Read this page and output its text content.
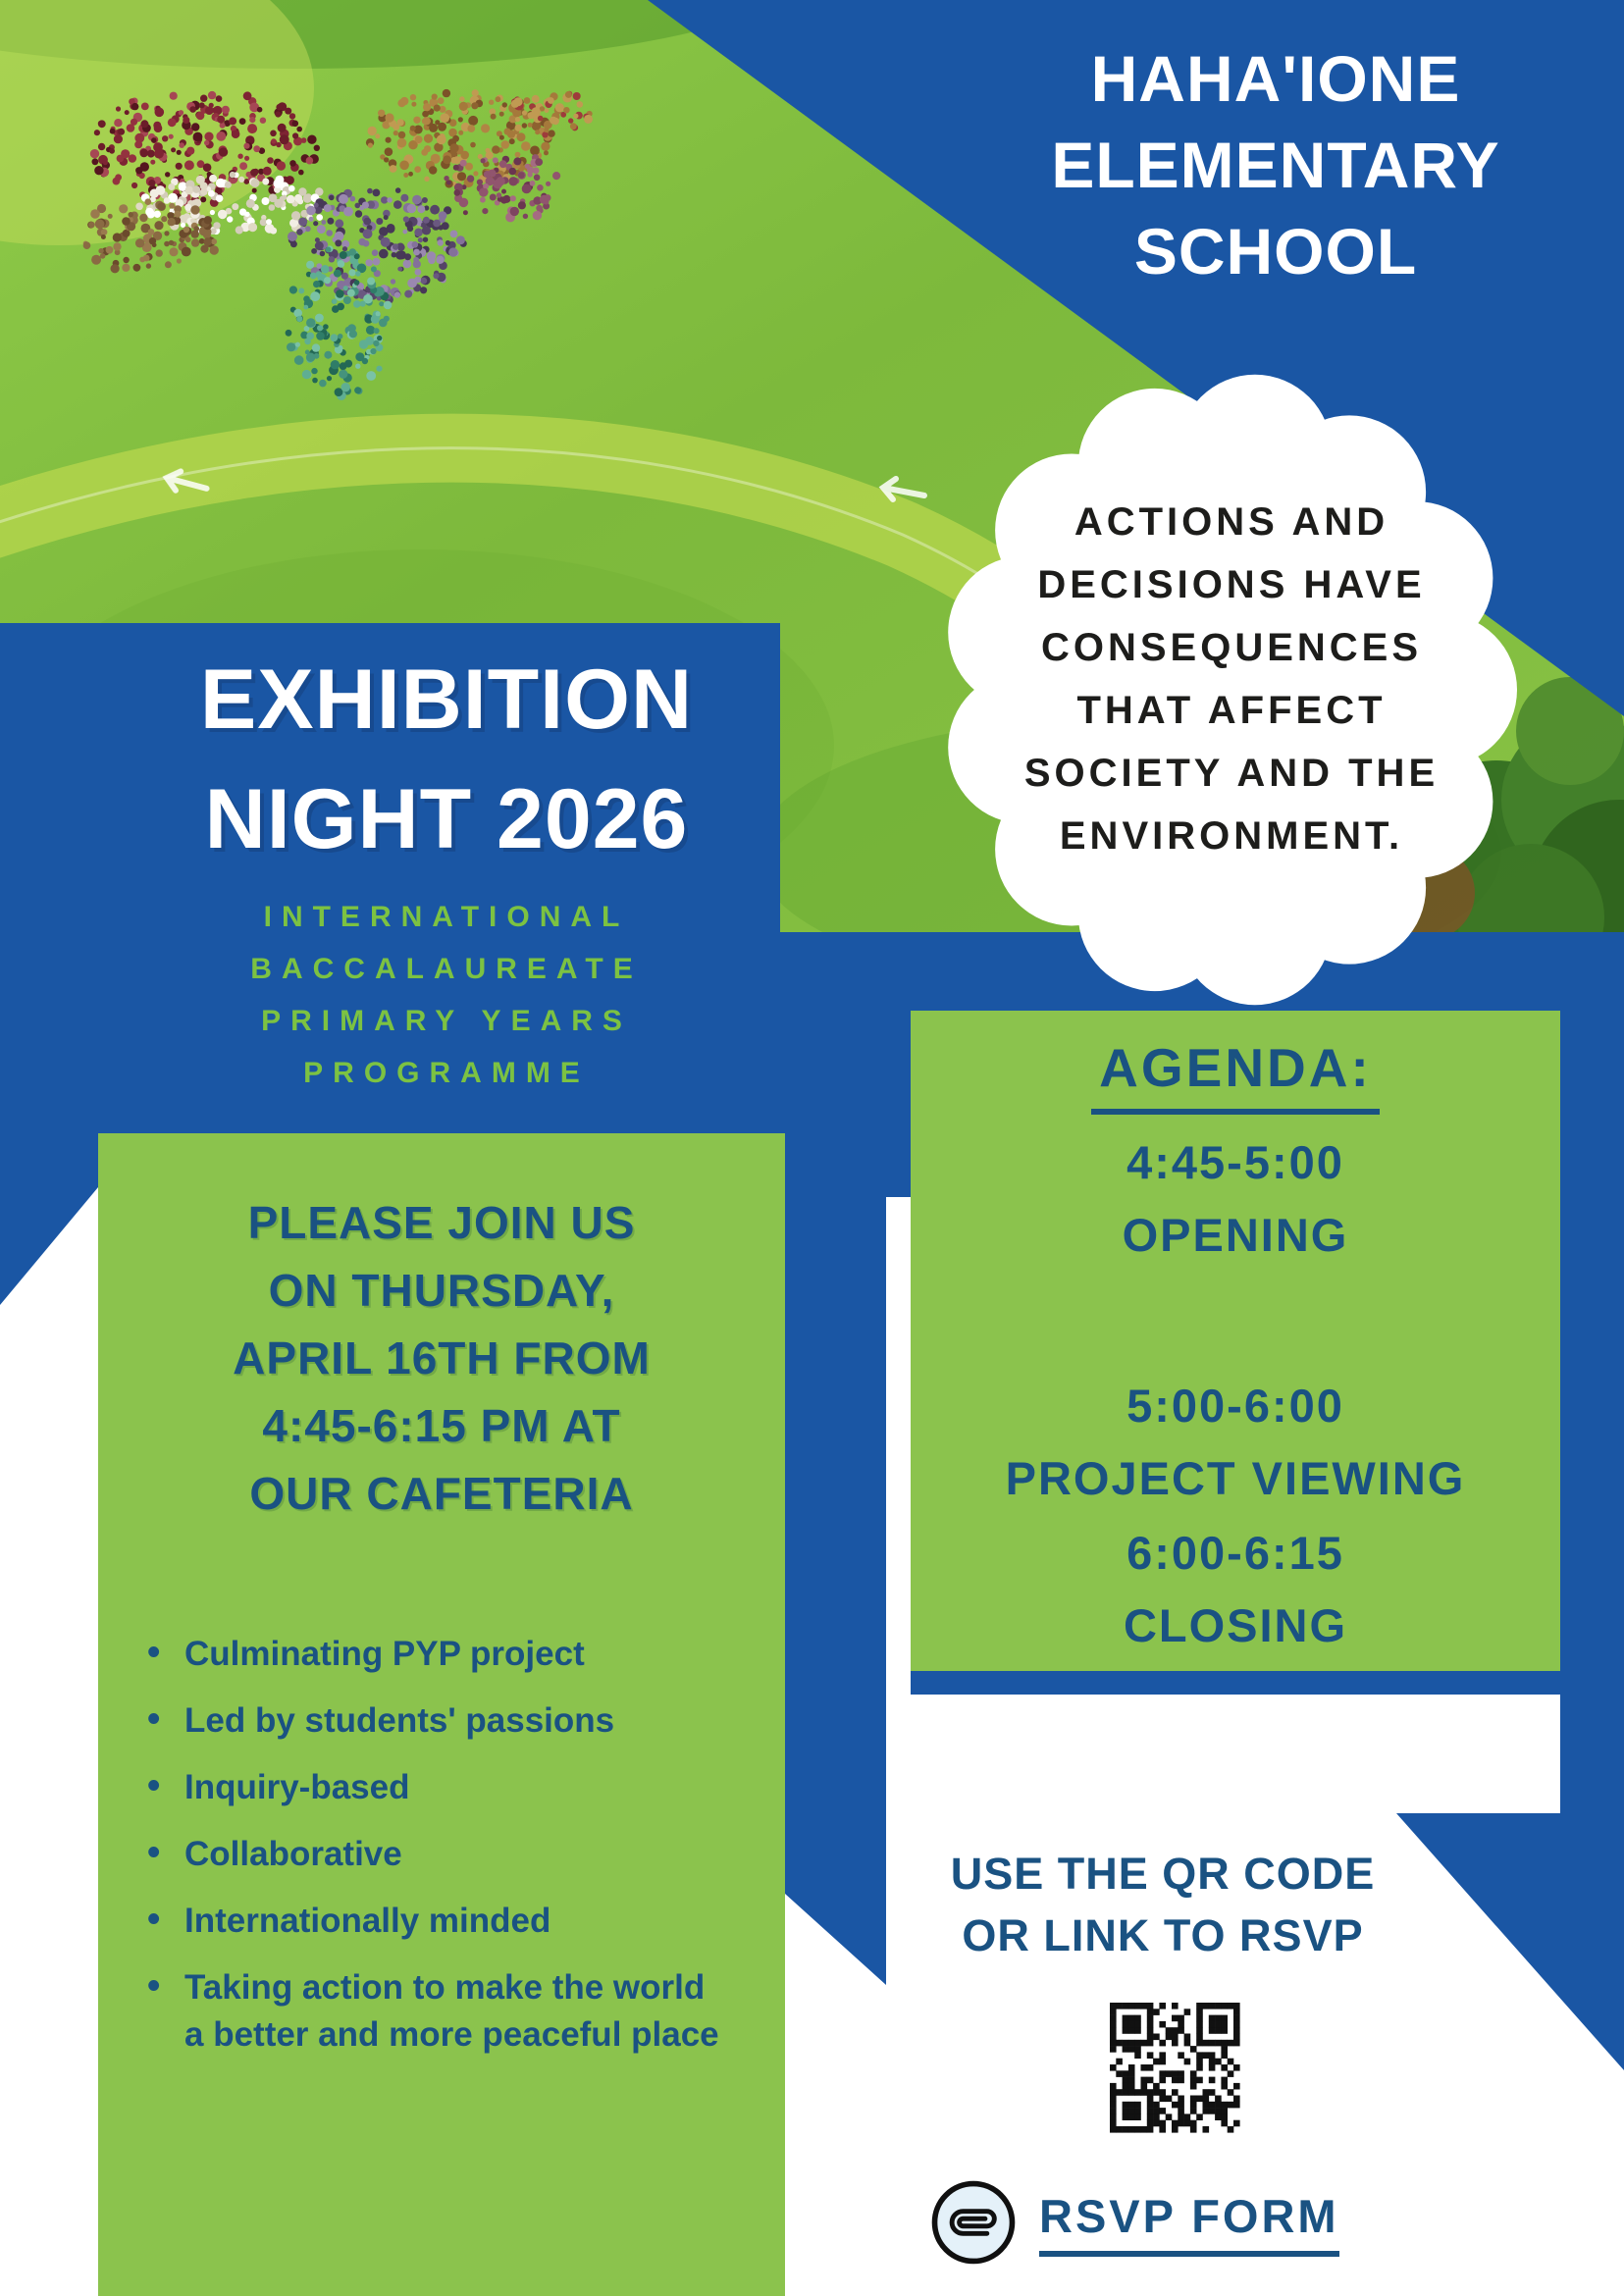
ACTIONS AND
DECISIONS HAVE
CONSEQUENCES
THAT AFFECT
SOCIETY AND THE
ENVIRONMENT.
HAHA'IONE
ELEMENTARY
SCHOOL
EXHIBITION
NIGHT 2026
INTERNATIONAL
BACCALAUREATE
PRIMARY YEARS
PROGRAMME
PLEASE JOIN US
ON THURSDAY,
APRIL 16TH FROM
4:45-6:15 PM AT
OUR CAFETERIA
• Culminating PYP project
• Led by students' passions
• Inquiry-based
• Collaborative
• Internationally minded
• Taking action to make the world a better and more peaceful place
AGENDA:
4:45-5:00
OPENING
5:00-6:00
PROJECT VIEWING
6:00-6:15
CLOSING
USE THE QR CODE
OR LINK TO RSVP
RSVP FORM
